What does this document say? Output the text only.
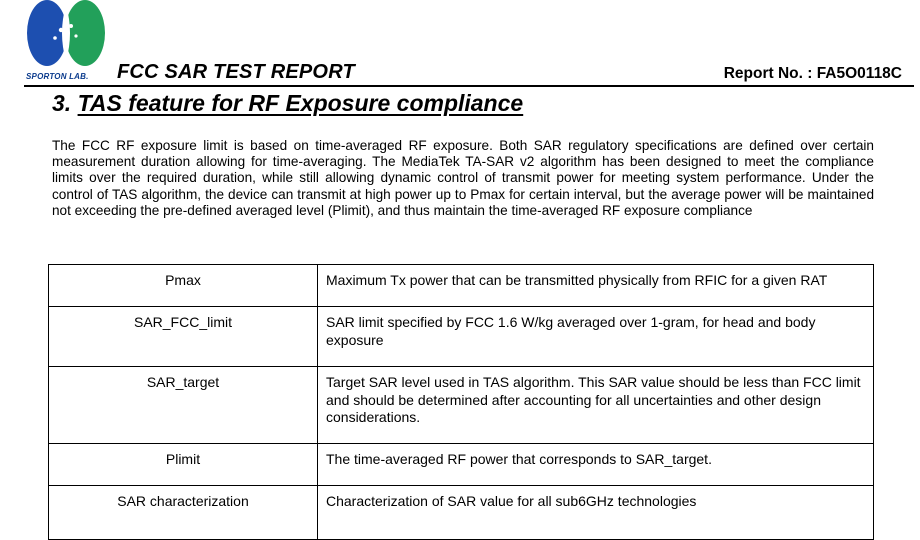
SPORTON LAB. FCC SAR TEST REPORT	Report No. : FA5O0118C
3. TAS feature for RF Exposure compliance
The FCC RF exposure limit is based on time-averaged RF exposure. Both SAR regulatory specifications are defined over certain measurement duration allowing for time-averaging. The MediaTek TA-SAR v2 algorithm has been designed to meet the compliance limits over the required duration, while still allowing dynamic control of transmit power for meeting system performance. Under the control of TAS algorithm, the device can transmit at high power up to Pmax for certain interval, but the average power will be maintained not exceeding the pre-defined averaged level (Plimit), and thus maintain the time-averaged RF exposure compliance
Pmax	Maximum Tx power that can be transmitted physically from RFIC for a given RAT
SAR_FCC_limit	SAR limit specified by FCC 1.6 W/kg averaged over 1-gram, for head and body exposure
SAR_target	Target SAR level used in TAS algorithm. This SAR value should be less than FCC limit and should be determined after accounting for all uncertainties and other design considerations.
Plimit	The time-averaged RF power that corresponds to SAR_target.
SAR characterization	Characterization of SAR value for all sub6GHz technologies
